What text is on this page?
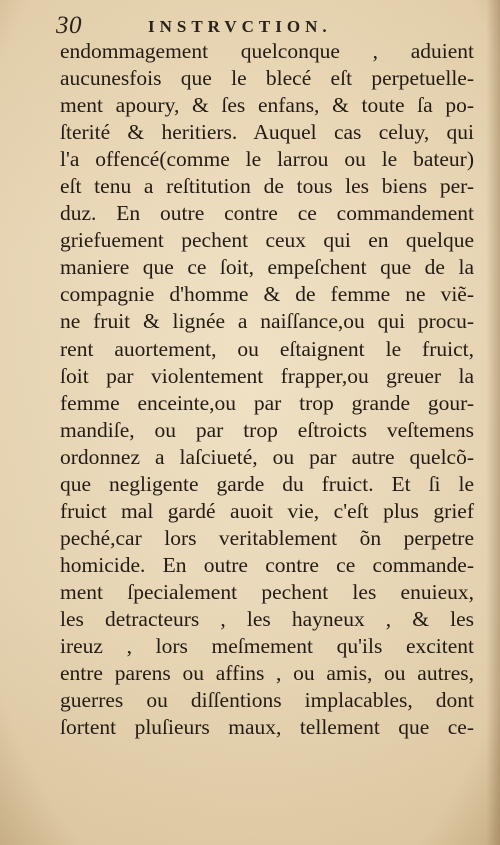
30	INSTRVCTION.
endommagement quelconque , aduient
aucunesfois que le blecé eſt perpetuelle-
ment apoury, & ſes enfans, & toute ſa po-
ſterité & heritiers. Auquel cas celuy, qui
l'a offencé(comme le larrou ou le bateur)
eſt tenu a reſtitution de tous les biens per-
duz. En outre contre ce commandement
griefuement pechent ceux qui en quelque
maniere que ce ſoit, empeſchent que de la
compagnie d'homme & de femme ne viẽ-
ne fruit & lignée a naiſſance,ou qui procu-
rent auortement, ou eſtaignent le fruict,
ſoit par violentement frapper,ou greuer la
femme enceinte,ou par trop grande gour-
mandiſe, ou par trop eſtroicts veſtemens
ordonnez a laſciueté, ou par autre quelcõ-
que negligente garde du fruict. Et ſi le
fruict mal gardé auoit vie, c'eſt plus grief
peché,car lors veritablement õn perpetre
homicide. En outre contre ce commande-
ment ſpecialement pechent les enuieux,
les detracteurs , les hayneux , & les
ireuz , lors meſmement qu'ils excitent
entre parens ou affins , ou amis, ou autres,
guerres ou diſſentions implacables, dont
ſortent pluſieurs maux, tellement que ce-
